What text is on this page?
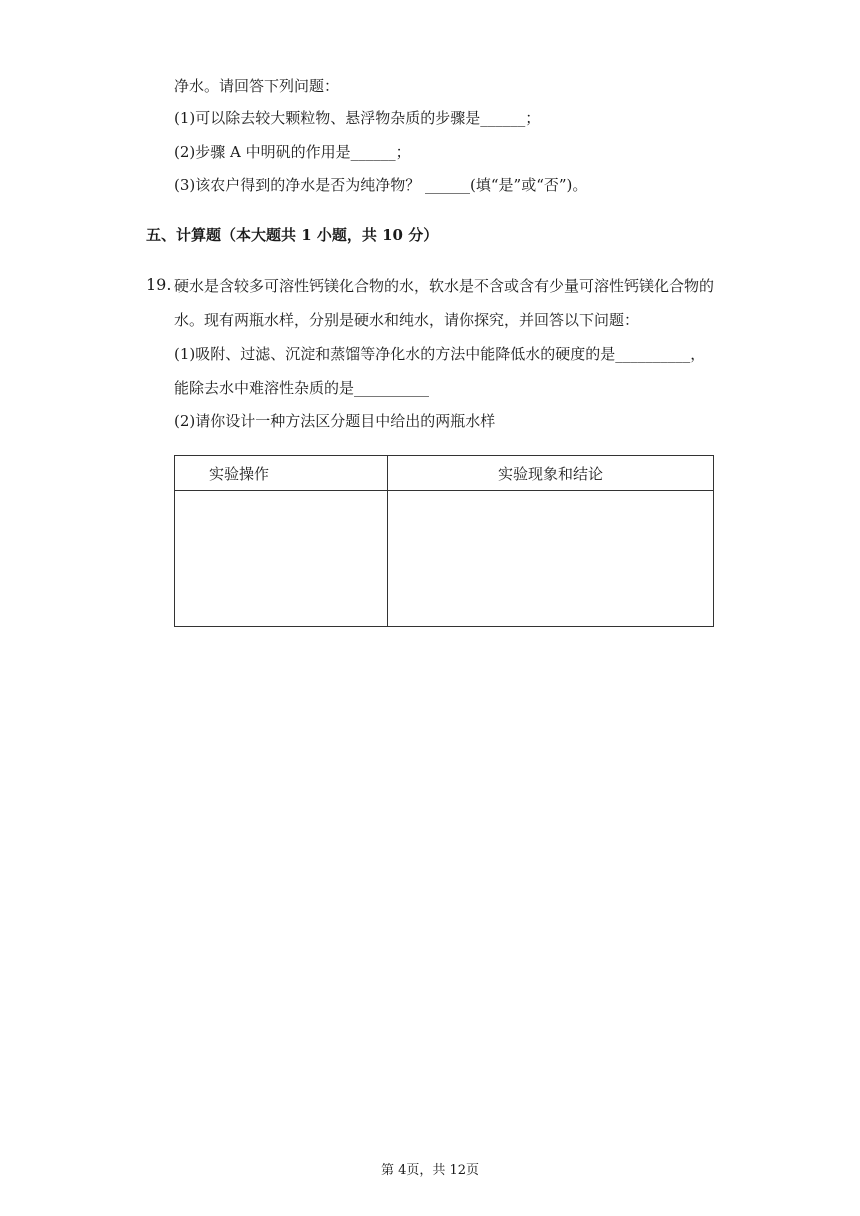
净水。请回答下列问题：
(1)可以除去较大颗粒物、悬浮物杂质的步骤是______；
(2)步骤 A 中明矾的作用是______；
(3)该农户得到的净水是否为纯净物？ ______(填“是”或“否”)。
五、计算题（本大题共 1 小题，共 10 分）
19. 硬水是含较多可溶性钙镁化合物的水，软水是不含或含有少量可溶性钙镁化合物的
水。现有两瓶水样，分别是硬水和纯水，请你探究，并回答以下问题：
(1)吸附、过滤、沉淀和蒸馏等净化水的方法中能降低水的硬度的是__________，
能除去水中难溶性杂质的是__________
(2)请你设计一种方法区分题目中给出的两瓶水样
实验操作	实验现象和结论

第 4页，共 12页
